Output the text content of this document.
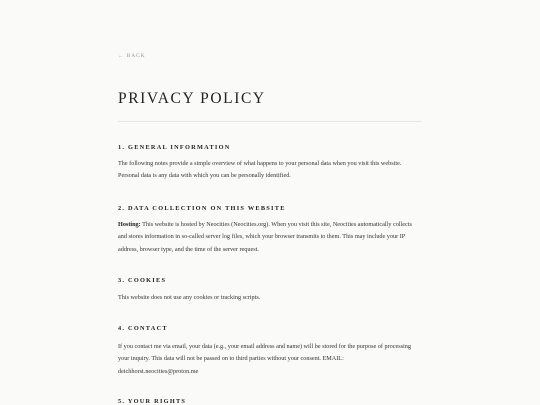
← BACK
PRIVACY POLICY
1. GENERAL INFORMATION

The following notes provide a simple overview of what happens to your personal data when you visit this website. Personal data is any data with which you can be personally identified.

2. DATA COLLECTION ON THIS WEBSITE

Hosting: This website is hosted by Neocities (Neocities.org). When you visit this site, Neocities automatically collects and stores information in so-called server log files, which your browser transmits to them. This may include your IP address, browser type, and the time of the server request.

3. COOKIES

This website does not use any cookies or tracking scripts.

4. CONTACT

If you contact me via email, your data (e.g., your email address and name) will be stored for the purpose of processing your inquiry. This data will not be passed on to third parties without your consent. EMAIL: deichhorst.neocities@proton.me

5. YOUR RIGHTS
